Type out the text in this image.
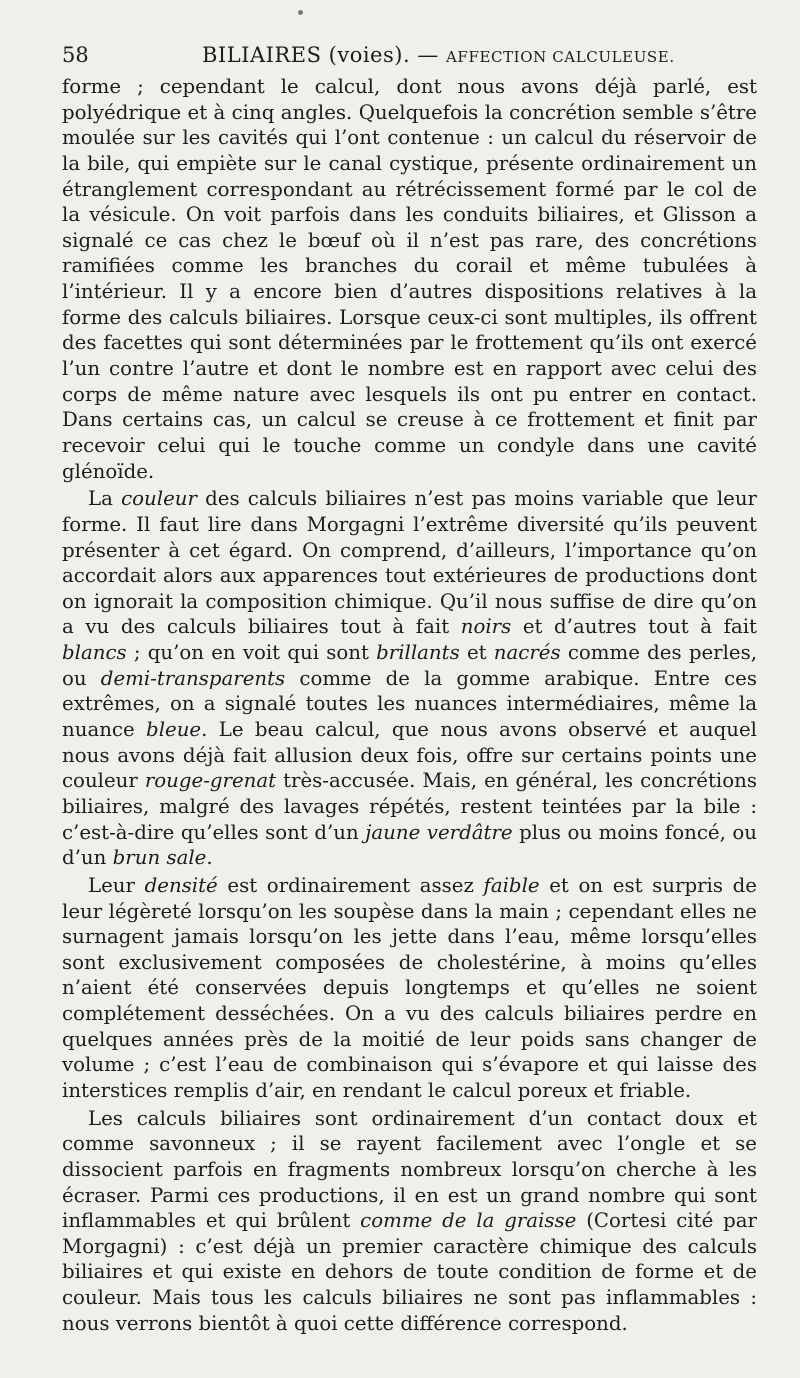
58	BILIAIRES (voies). — AFFECTION CALCULEUSE.

forme ; cependant le calcul, dont nous avons déjà parlé, est polyédrique et à cinq angles. Quelquefois la concrétion semble s’être moulée sur les cavités qui l’ont contenue : un calcul du réservoir de la bile, qui empiète sur le canal cystique, présente ordinairement un étranglement correspondant au rétrécissement formé par le col de la vésicule. On voit parfois dans les conduits biliaires, et Glisson a signalé ce cas chez le bœuf où il n’est pas rare, des concrétions ramifiées comme les branches du corail et même tubulées à l’intérieur. Il y a encore bien d’autres dispositions relatives à la forme des calculs biliaires. Lorsque ceux-ci sont multiples, ils offrent des facettes qui sont déterminées par le frottement qu’ils ont exercé l’un contre l’autre et dont le nombre est en rapport avec celui des corps de même nature avec lesquels ils ont pu entrer en contact. Dans certains cas, un calcul se creuse à ce frottement et finit par recevoir celui qui le touche comme un condyle dans une cavité glénoïde.

La couleur des calculs biliaires n’est pas moins variable que leur forme. Il faut lire dans Morgagni l’extrême diversité qu’ils peuvent présenter à cet égard. On comprend, d’ailleurs, l’importance qu’on accordait alors aux apparences tout extérieures de productions dont on ignorait la composition chimique. Qu’il nous suffise de dire qu’on a vu des calculs biliaires tout à fait noirs et d’autres tout à fait blancs ; qu’on en voit qui sont brillants et nacrés comme des perles, ou demi-transparents comme de la gomme arabique. Entre ces extrêmes, on a signalé toutes les nuances intermédiaires, même la nuance bleue. Le beau calcul, que nous avons observé et auquel nous avons déjà fait allusion deux fois, offre sur certains points une couleur rouge-grenat très-accusée. Mais, en général, les concrétions biliaires, malgré des lavages répétés, restent teintées par la bile : c’est-à-dire qu’elles sont d’un jaune verdâtre plus ou moins foncé, ou d’un brun sale.

Leur densité est ordinairement assez faible et on est surpris de leur légèreté lorsqu’on les soupèse dans la main ; cependant elles ne surnagent jamais lorsqu’on les jette dans l’eau, même lorsqu’elles sont exclusivement composées de cholestérine, à moins qu’elles n’aient été conservées depuis longtemps et qu’elles ne soient complétement desséchées. On a vu des calculs biliaires perdre en quelques années près de la moitié de leur poids sans changer de volume ; c’est l’eau de combinaison qui s’évapore et qui laisse des interstices remplis d’air, en rendant le calcul poreux et friable.

Les calculs biliaires sont ordinairement d’un contact doux et comme savonneux ; il se rayent facilement avec l’ongle et se dissocient parfois en fragments nombreux lorsqu’on cherche à les écraser. Parmi ces productions, il en est un grand nombre qui sont inflammables et qui brûlent comme de la graisse (Cortesi cité par Morgagni) : c’est déjà un premier caractère chimique des calculs biliaires et qui existe en dehors de toute condition de forme et de couleur. Mais tous les calculs biliaires ne sont pas inflammables : nous verrons bientôt à quoi cette différence correspond.
